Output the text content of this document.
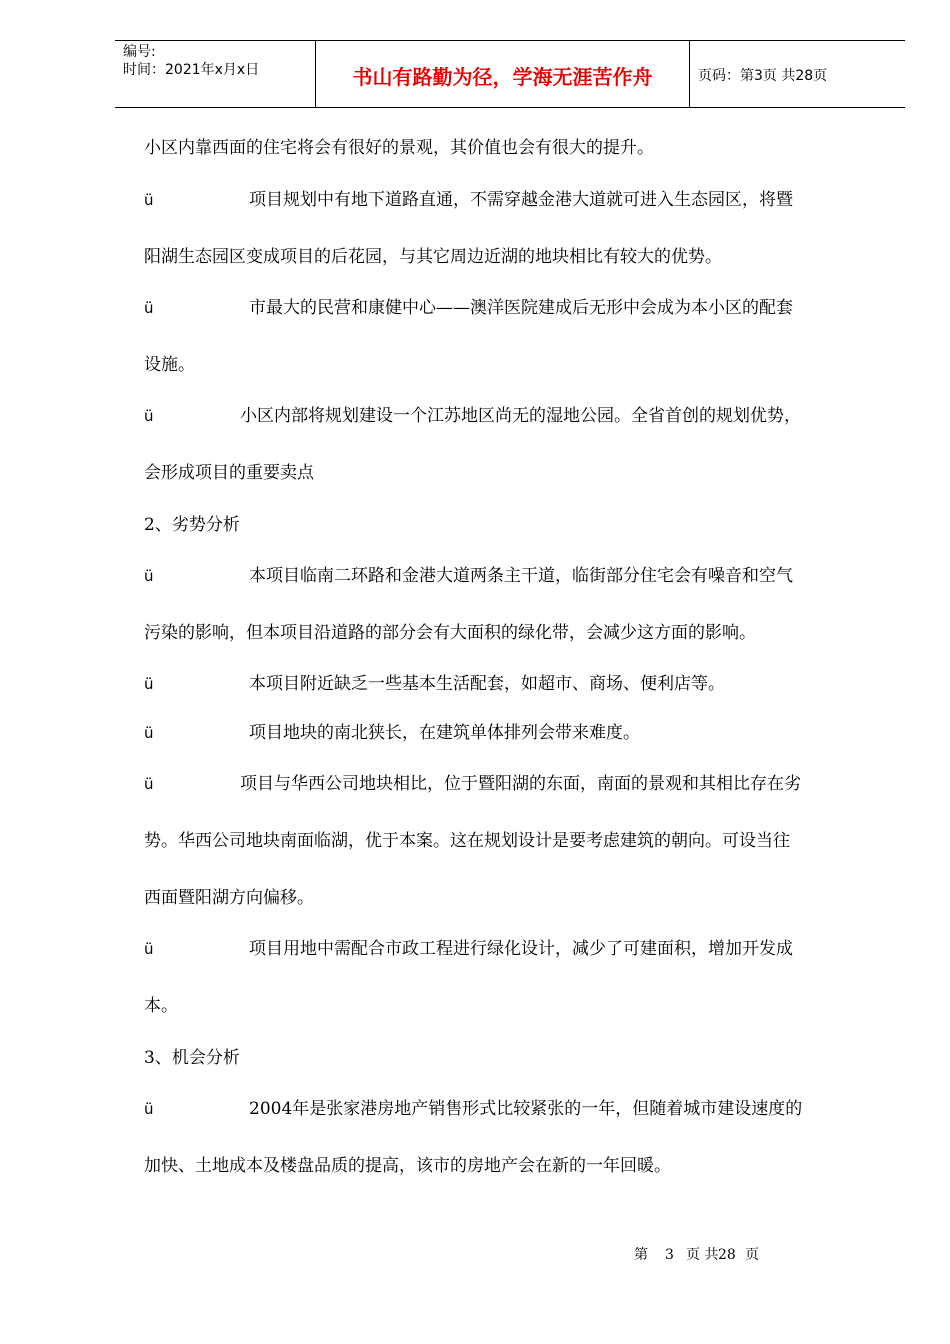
编号:
时间：2021年x月x日	书山有路勤为径，学海无涯苦作舟	页码：第3页 共28页
小区内靠西面的住宅将会有很好的景观，其价值也会有很大的提升。
ü	项目规划中有地下道路直通，不需穿越金港大道就可进入生态园区，将暨
阳湖生态园区变成项目的后花园，与其它周边近湖的地块相比有较大的优势。
ü	市最大的民营和康健中心——澳洋医院建成后无形中会成为本小区的配套
设施。
ü	小区内部将规划建设一个江苏地区尚无的湿地公园。全省首创的规划优势，
会形成项目的重要卖点
2、劣势分析
ü	本项目临南二环路和金港大道两条主干道，临街部分住宅会有噪音和空气
污染的影响，但本项目沿道路的部分会有大面积的绿化带，会减少这方面的影响。
ü	本项目附近缺乏一些基本生活配套，如超市、商场、便利店等。
ü	项目地块的南北狭长，在建筑单体排列会带来难度。
ü	项目与华西公司地块相比，位于暨阳湖的东面，南面的景观和其相比存在劣
势。华西公司地块南面临湖，优于本案。这在规划设计是要考虑建筑的朝向。可设当往
西面暨阳湖方向偏移。
ü	项目用地中需配合市政工程进行绿化设计，减少了可建面积，增加开发成
本。
3、机会分析
ü	2004年是张家港房地产销售形式比较紧张的一年，但随着城市建设速度的
加快、土地成本及楼盘品质的提高，该市的房地产会在新的一年回暖。
第 3 页 共 28 页
